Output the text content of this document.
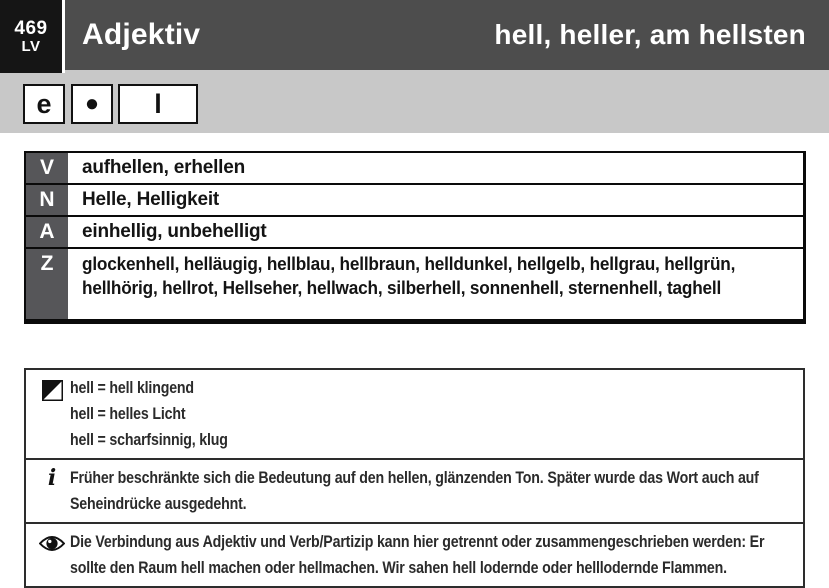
Adjektiv	hell, heller, am hellsten
469
LV
e	●	l
V	aufhellen, erhellen
N	Helle, Helligkeit
A	einhellig, unbehelligt
Z	glockenhell, helläugig, hellblau, hellbraun, helldunkel, hellgelb, hellgrau, hellgrün, hellhörig, hellrot, Hellseher, hellwach, silberhell, sonnenhell, sternenhell, taghell
hell = hell klingend
hell = helles Licht
hell = scharfsinnig, klug
i Früher beschränkte sich die Bedeutung auf den hellen, glänzenden Ton. Später wurde das Wort auch auf Seheindrücke ausgedehnt.
Die Verbindung aus Adjektiv und Verb/Partizip kann hier getrennt oder zusammengeschrieben werden: Er sollte den Raum hell machen oder hellmachen. Wir sahen hell lodernde oder helllodernde Flammen.
